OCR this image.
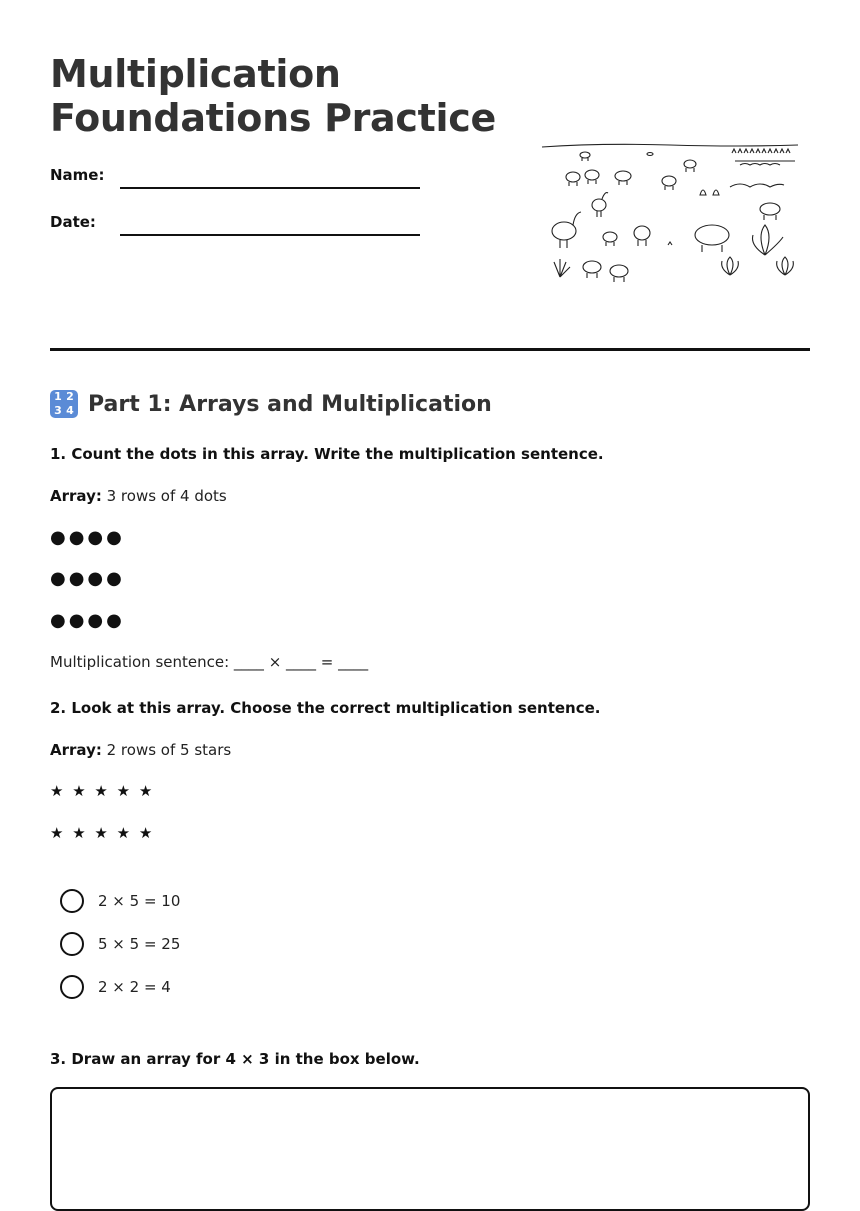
Multiplication
Foundations Practice
Name:
Date:
1 2
3 4 Part 1: Arrays and Multiplication
1. Count the dots in this array. Write the multiplication sentence.
Array: 3 rows of 4 dots
●●●●
●●●●
●●●●
Multiplication sentence: ____ × ____ = ____
2. Look at this array. Choose the correct multiplication sentence.
Array: 2 rows of 5 stars
★ ★ ★ ★ ★
★ ★ ★ ★ ★
2 × 5 = 10
5 × 5 = 25
2 × 2 = 4
3. Draw an array for 4 × 3 in the box below.
